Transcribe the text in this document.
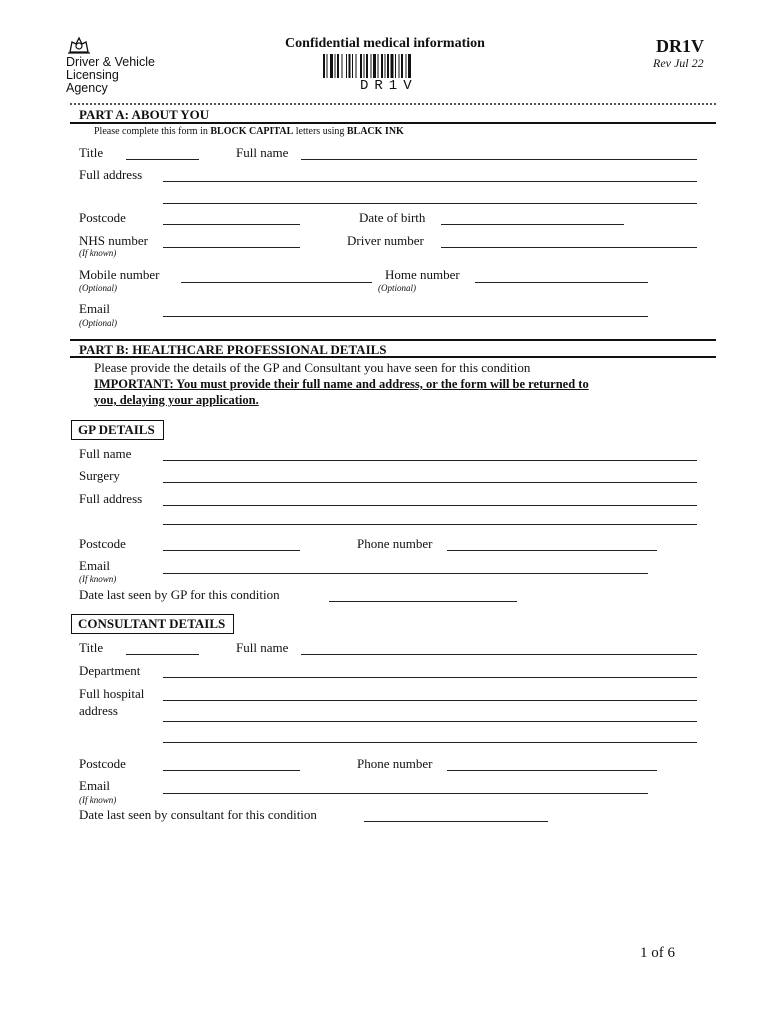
Driver & Vehicle
Licensing
Agency
Confidential medical information
DR1V
DR1V
Rev Jul 22
PART A: ABOUT YOU
Please complete this form in BLOCK CAPITAL letters using BLACK INK
Title	Full name
Full address
Postcode	Date of birth
NHS number
(If known)
Driver number
Mobile number
(Optional)
Home number
(Optional)
Email
(Optional)
PART B: HEALTHCARE PROFESSIONAL DETAILS
Please provide the details of the GP and Consultant you have seen for this condition
IMPORTANT: You must provide their full name and address, or the form will be returned to
you, delaying your application.
GP DETAILS
Full name
Surgery
Full address
Postcode	Phone number
Email
(If known)
Date last seen by GP for this condition
CONSULTANT DETAILS
Title	Full name
Department
Full hospital
address
Postcode	Phone number
Email
(If known)
Date last seen by consultant for this condition
1 of 6
